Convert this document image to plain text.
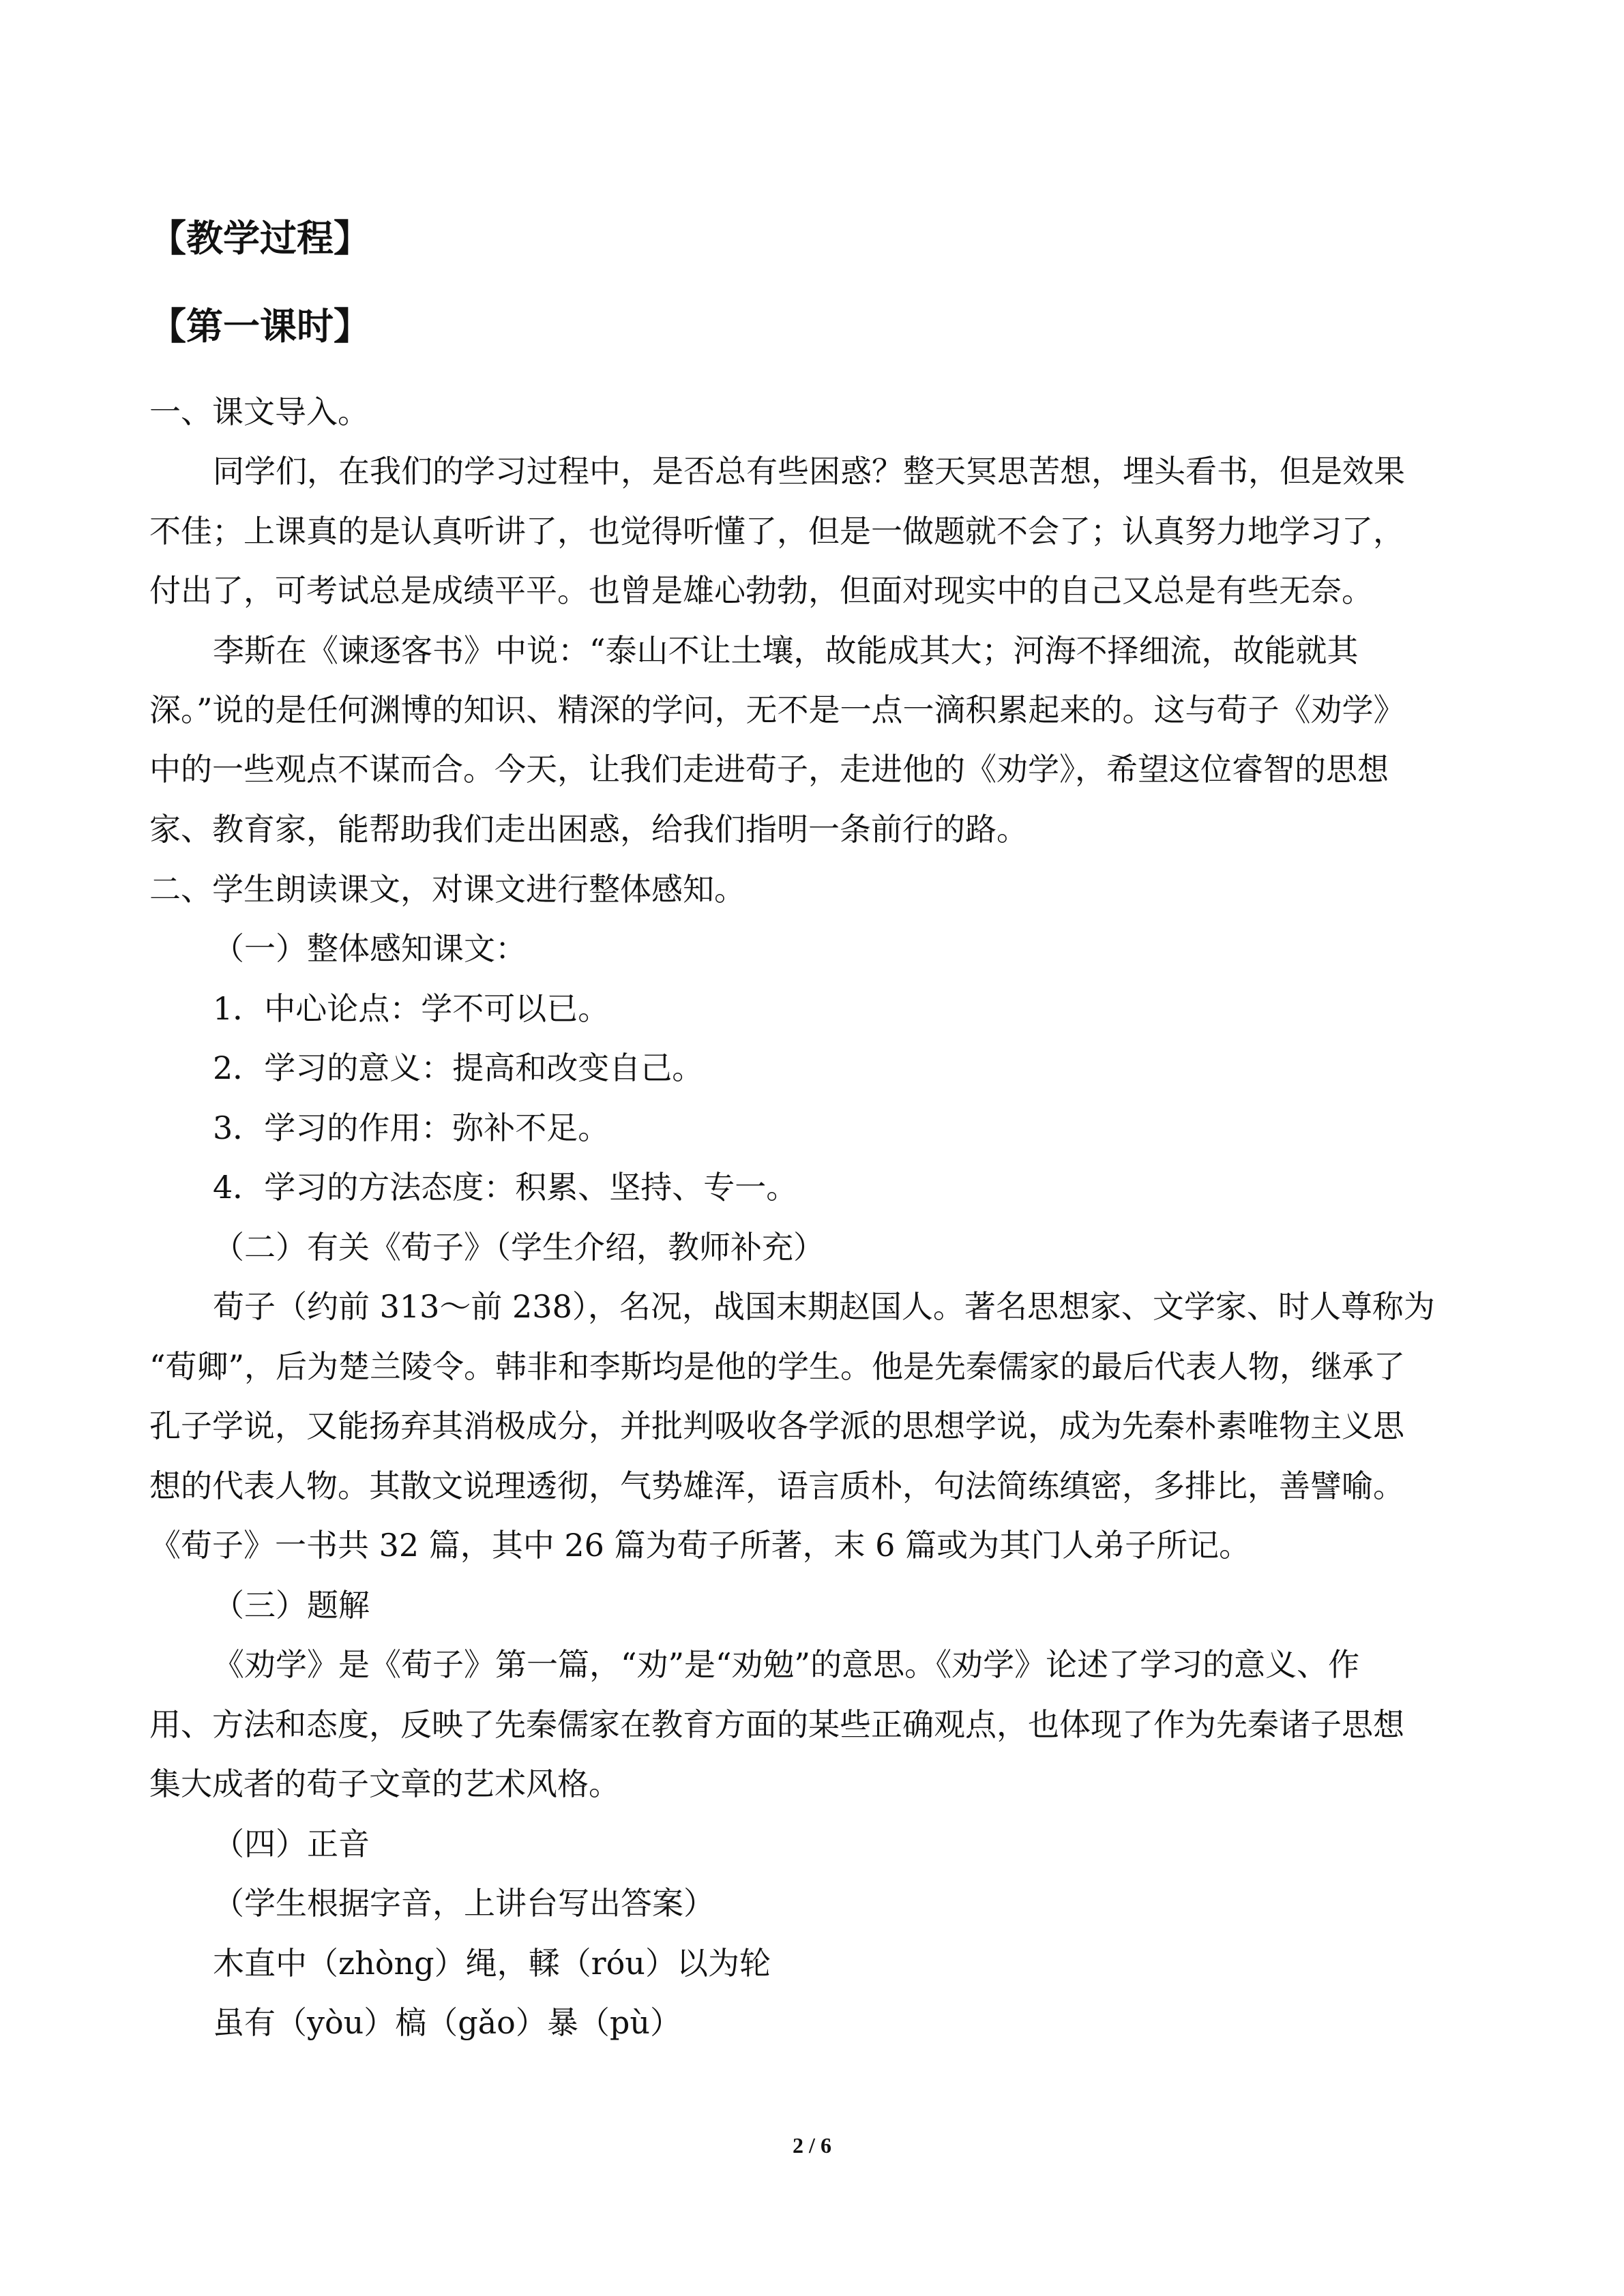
【教学过程】
【第一课时】
一、课文导入。
同学们，在我们的学习过程中，是否总有些困惑？整天冥思苦想，埋头看书，但是效果
不佳；上课真的是认真听讲了，也觉得听懂了，但是一做题就不会了；认真努力地学习了，
付出了，可考试总是成绩平平。也曾是雄心勃勃，但面对现实中的自己又总是有些无奈。
李斯在《谏逐客书》中说：“泰山不让土壤，故能成其大；河海不择细流，故能就其
深。”说的是任何渊博的知识、精深的学问，无不是一点一滴积累起来的。这与荀子《劝学》
中的一些观点不谋而合。今天，让我们走进荀子，走进他的《劝学》，希望这位睿智的思想
家、教育家，能帮助我们走出困惑，给我们指明一条前行的路。
二、学生朗读课文，对课文进行整体感知。
（一）整体感知课文：
1．中心论点：学不可以已。
2．学习的意义：提高和改变自己。
3．学习的作用：弥补不足。
4．学习的方法态度：积累、坚持、专一。
（二）有关《荀子》（学生介绍，教师补充）
荀子（约前 313～前 238），名况，战国末期赵国人。著名思想家、文学家、时人尊称为
“荀卿”，后为楚兰陵令。韩非和李斯均是他的学生。他是先秦儒家的最后代表人物，继承了
孔子学说，又能扬弃其消极成分，并批判吸收各学派的思想学说，成为先秦朴素唯物主义思
想的代表人物。其散文说理透彻，气势雄浑，语言质朴，句法简练缜密，多排比，善譬喻。
《荀子》一书共 32 篇，其中 26 篇为荀子所著，末 6 篇或为其门人弟子所记。
（三）题解
《劝学》是《荀子》第一篇，“劝”是“劝勉”的意思。《劝学》论述了学习的意义、作
用、方法和态度，反映了先秦儒家在教育方面的某些正确观点，也体现了作为先秦诸子思想
集大成者的荀子文章的艺术风格。
（四）正音
（学生根据字音，上讲台写出答案）
木直中（zhòng）绳，輮（róu）以为轮
虽有（yòu）槁（gǎo）暴（pù）
2 / 6
